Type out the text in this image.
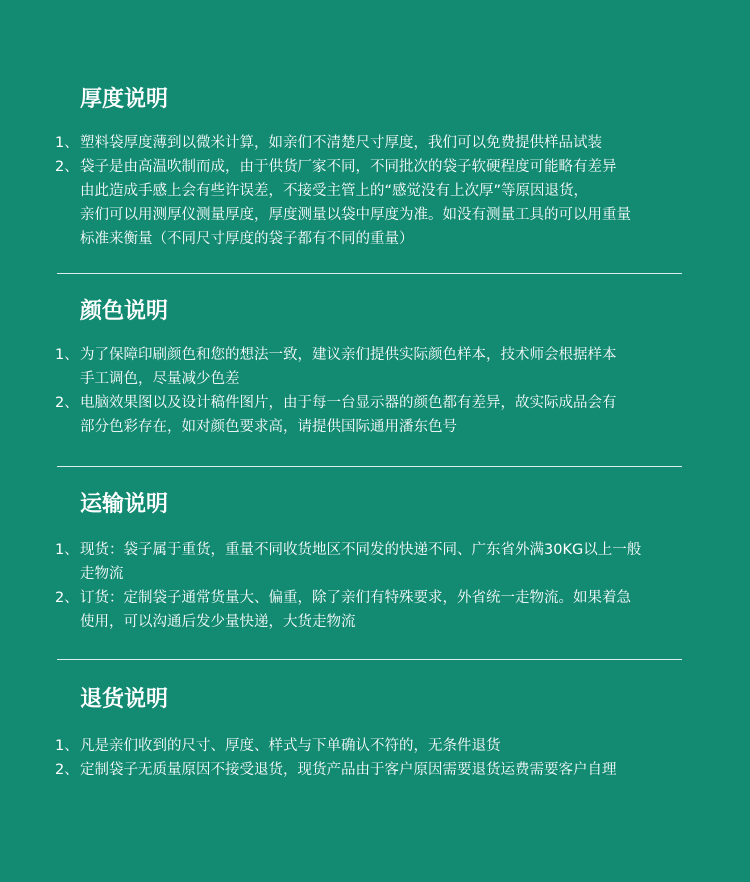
厚度说明
1、 塑料袋厚度薄到以微米计算，如亲们不清楚尺寸厚度，我们可以免费提供样品试装
2、 袋子是由高温吹制而成，由于供货厂家不同，不同批次的袋子软硬程度可能略有差异
由此造成手感上会有些许误差，不接受主管上的“感觉没有上次厚”等原因退货，
亲们可以用测厚仪测量厚度，厚度测量以袋中厚度为准。如没有测量工具的可以用重量
标准来衡量（不同尺寸厚度的袋子都有不同的重量）
颜色说明
1、 为了保障印刷颜色和您的想法一致，建议亲们提供实际颜色样本，技术师会根据样本
手工调色，尽量减少色差
2、 电脑效果图以及设计稿件图片，由于每一台显示器的颜色都有差异，故实际成品会有
部分色彩存在，如对颜色要求高，请提供国际通用潘东色号
运输说明
1、 现货：袋子属于重货，重量不同收货地区不同发的快递不同、广东省外满30KG以上一般
走物流
2、 订货：定制袋子通常货量大、偏重，除了亲们有特殊要求，外省统一走物流。如果着急
使用，可以沟通后发少量快递，大货走物流
退货说明
1、 凡是亲们收到的尺寸、厚度、样式与下单确认不符的，无条件退货
2、 定制袋子无质量原因不接受退货，现货产品由于客户原因需要退货运费需要客户自理
